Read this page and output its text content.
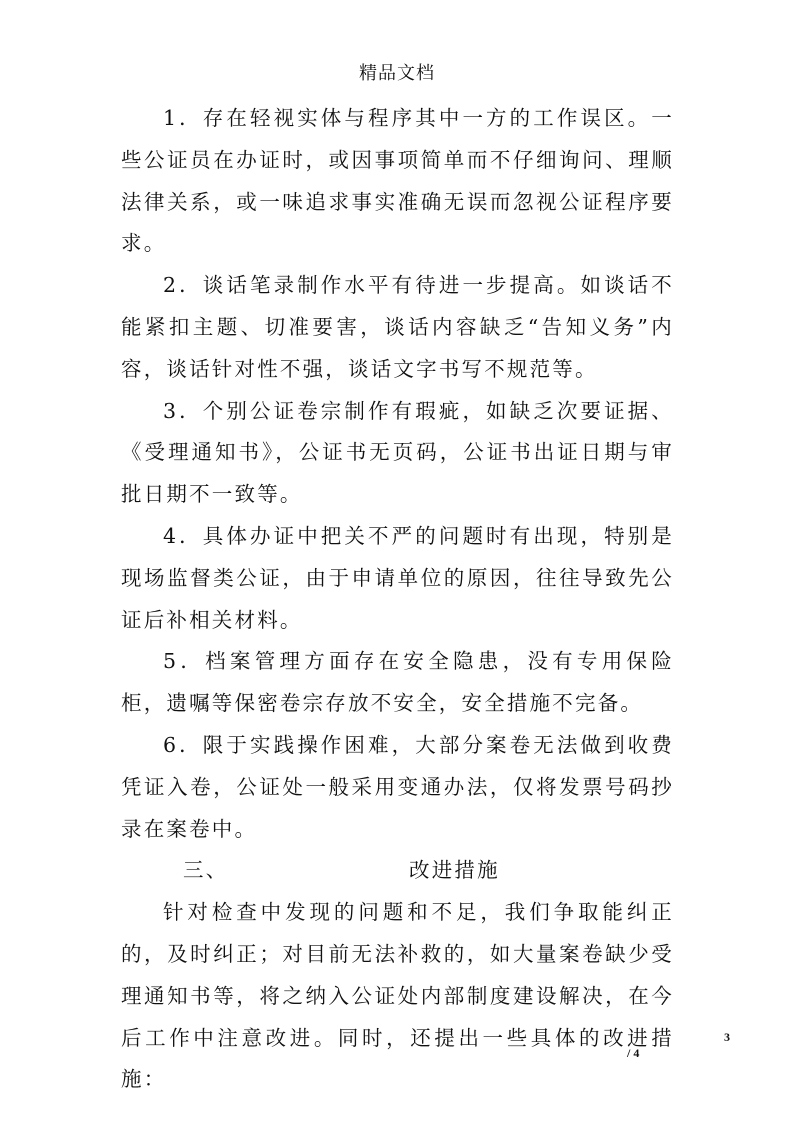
精品文档

1．存在轻视实体与程序其中一方的工作误区。一些公证员在办证时，或因事项简单而不仔细询问、理顺法律关系，或一味追求事实准确无误而忽视公证程序要求。

2．谈话笔录制作水平有待进一步提高。如谈话不能紧扣主题、切准要害，谈话内容缺乏“告知义务”内容，谈话针对性不强，谈话文字书写不规范等。

3．个别公证卷宗制作有瑕疵，如缺乏次要证据、《受理通知书》，公证书无页码，公证书出证日期与审批日期不一致等。

4．具体办证中把关不严的问题时有出现，特别是现场监督类公证，由于申请单位的原因，往往导致先公证后补相关材料。

5．档案管理方面存在安全隐患，没有专用保险柜，遗嘱等保密卷宗存放不安全，安全措施不完备。

6．限于实践操作困难，大部分案卷无法做到收费凭证入卷，公证处一般采用变通办法，仅将发票号码抄录在案卷中。

三、	改进措施

针对检查中发现的问题和不足，我们争取能纠正的，及时纠正；对目前无法补救的，如大量案卷缺少受理通知书等，将之纳入公证处内部制度建设解决，在今后工作中注意改进。同时，还提出一些具体的改进措施：

3
/ 4
